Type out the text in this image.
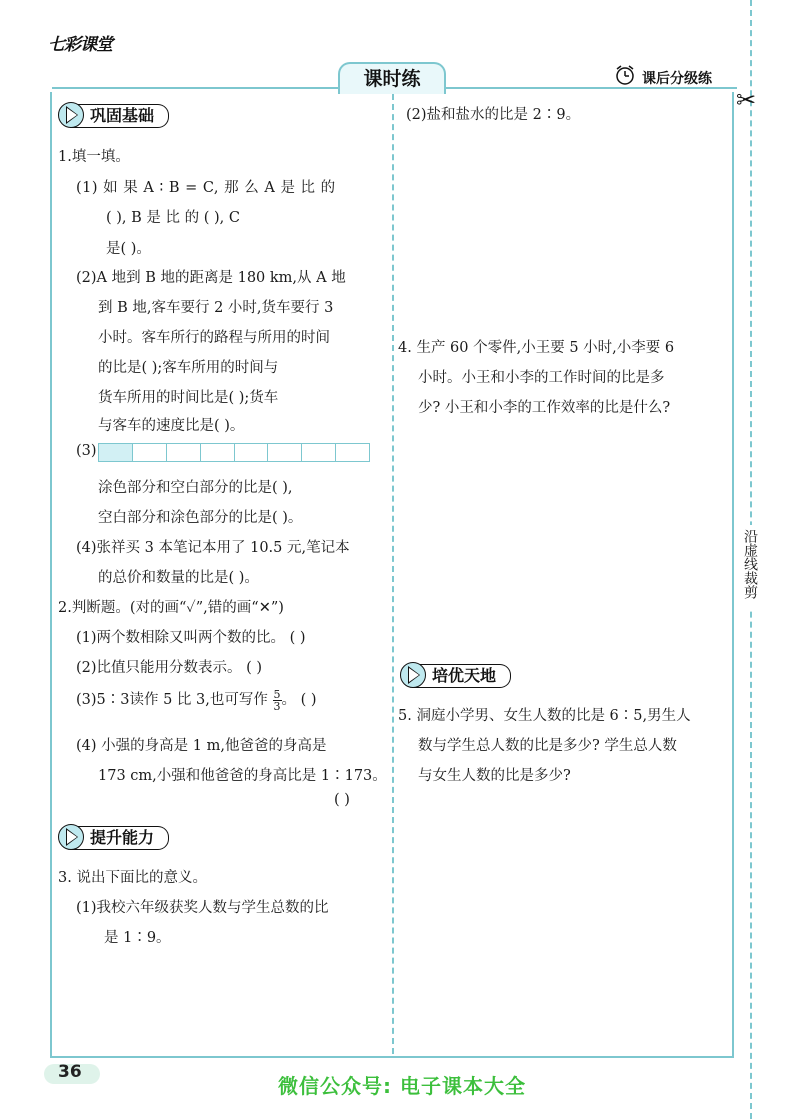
七彩课堂
课时练	课后分级练
✂
沿虚线裁剪
巩固基础
1.填一填。
(1) 如 果 A ∶ B = C, 那 么 A 是 比 的
( ), B 是 比 的 ( ), C
是( )。
(2)A 地到 B 地的距离是 180 km,从 A 地
到 B 地,客车要行 2 小时,货车要行 3
小时。客车所行的路程与所用的时间
的比是( );客车所用的时间与
货车所用的时间比是( );货车
与客车的速度比是( )。
(3)
涂色部分和空白部分的比是( ),
空白部分和涂色部分的比是( )。
(4)张祥买 3 本笔记本用了 10.5 元,笔记本
的总价和数量的比是( )。
2.判断题。(对的画“✓”,错的画“✕”)
(1)两个数相除又叫两个数的比。 ( )
(2)比值只能用分数表示。 ( )
(3)5∶3读作 5 比 3,也可写作 $\frac{5}{3}$ 。 ( )
(4) 小强的身高是 1 m,他爸爸的身高是
173 cm,小强和他爸爸的身高比是 1∶173。
( )
提升能力
3. 说出下面比的意义。
(1)我校六年级获奖人数与学生总数的比
是 1∶9。
(2)盐和盐水的比是 2∶9。
4. 生产 60 个零件,小王要 5 小时,小李要 6
小时。小王和小李的工作时间的比是多
少? 小王和小李的工作效率的比是什么?
培优天地
5. 洞庭小学男、女生人数的比是 6∶5,男生人
数与学生总人数的比是多少? 学生总人数
与女生人数的比是多少?
36
微信公众号: 电子课本大全
